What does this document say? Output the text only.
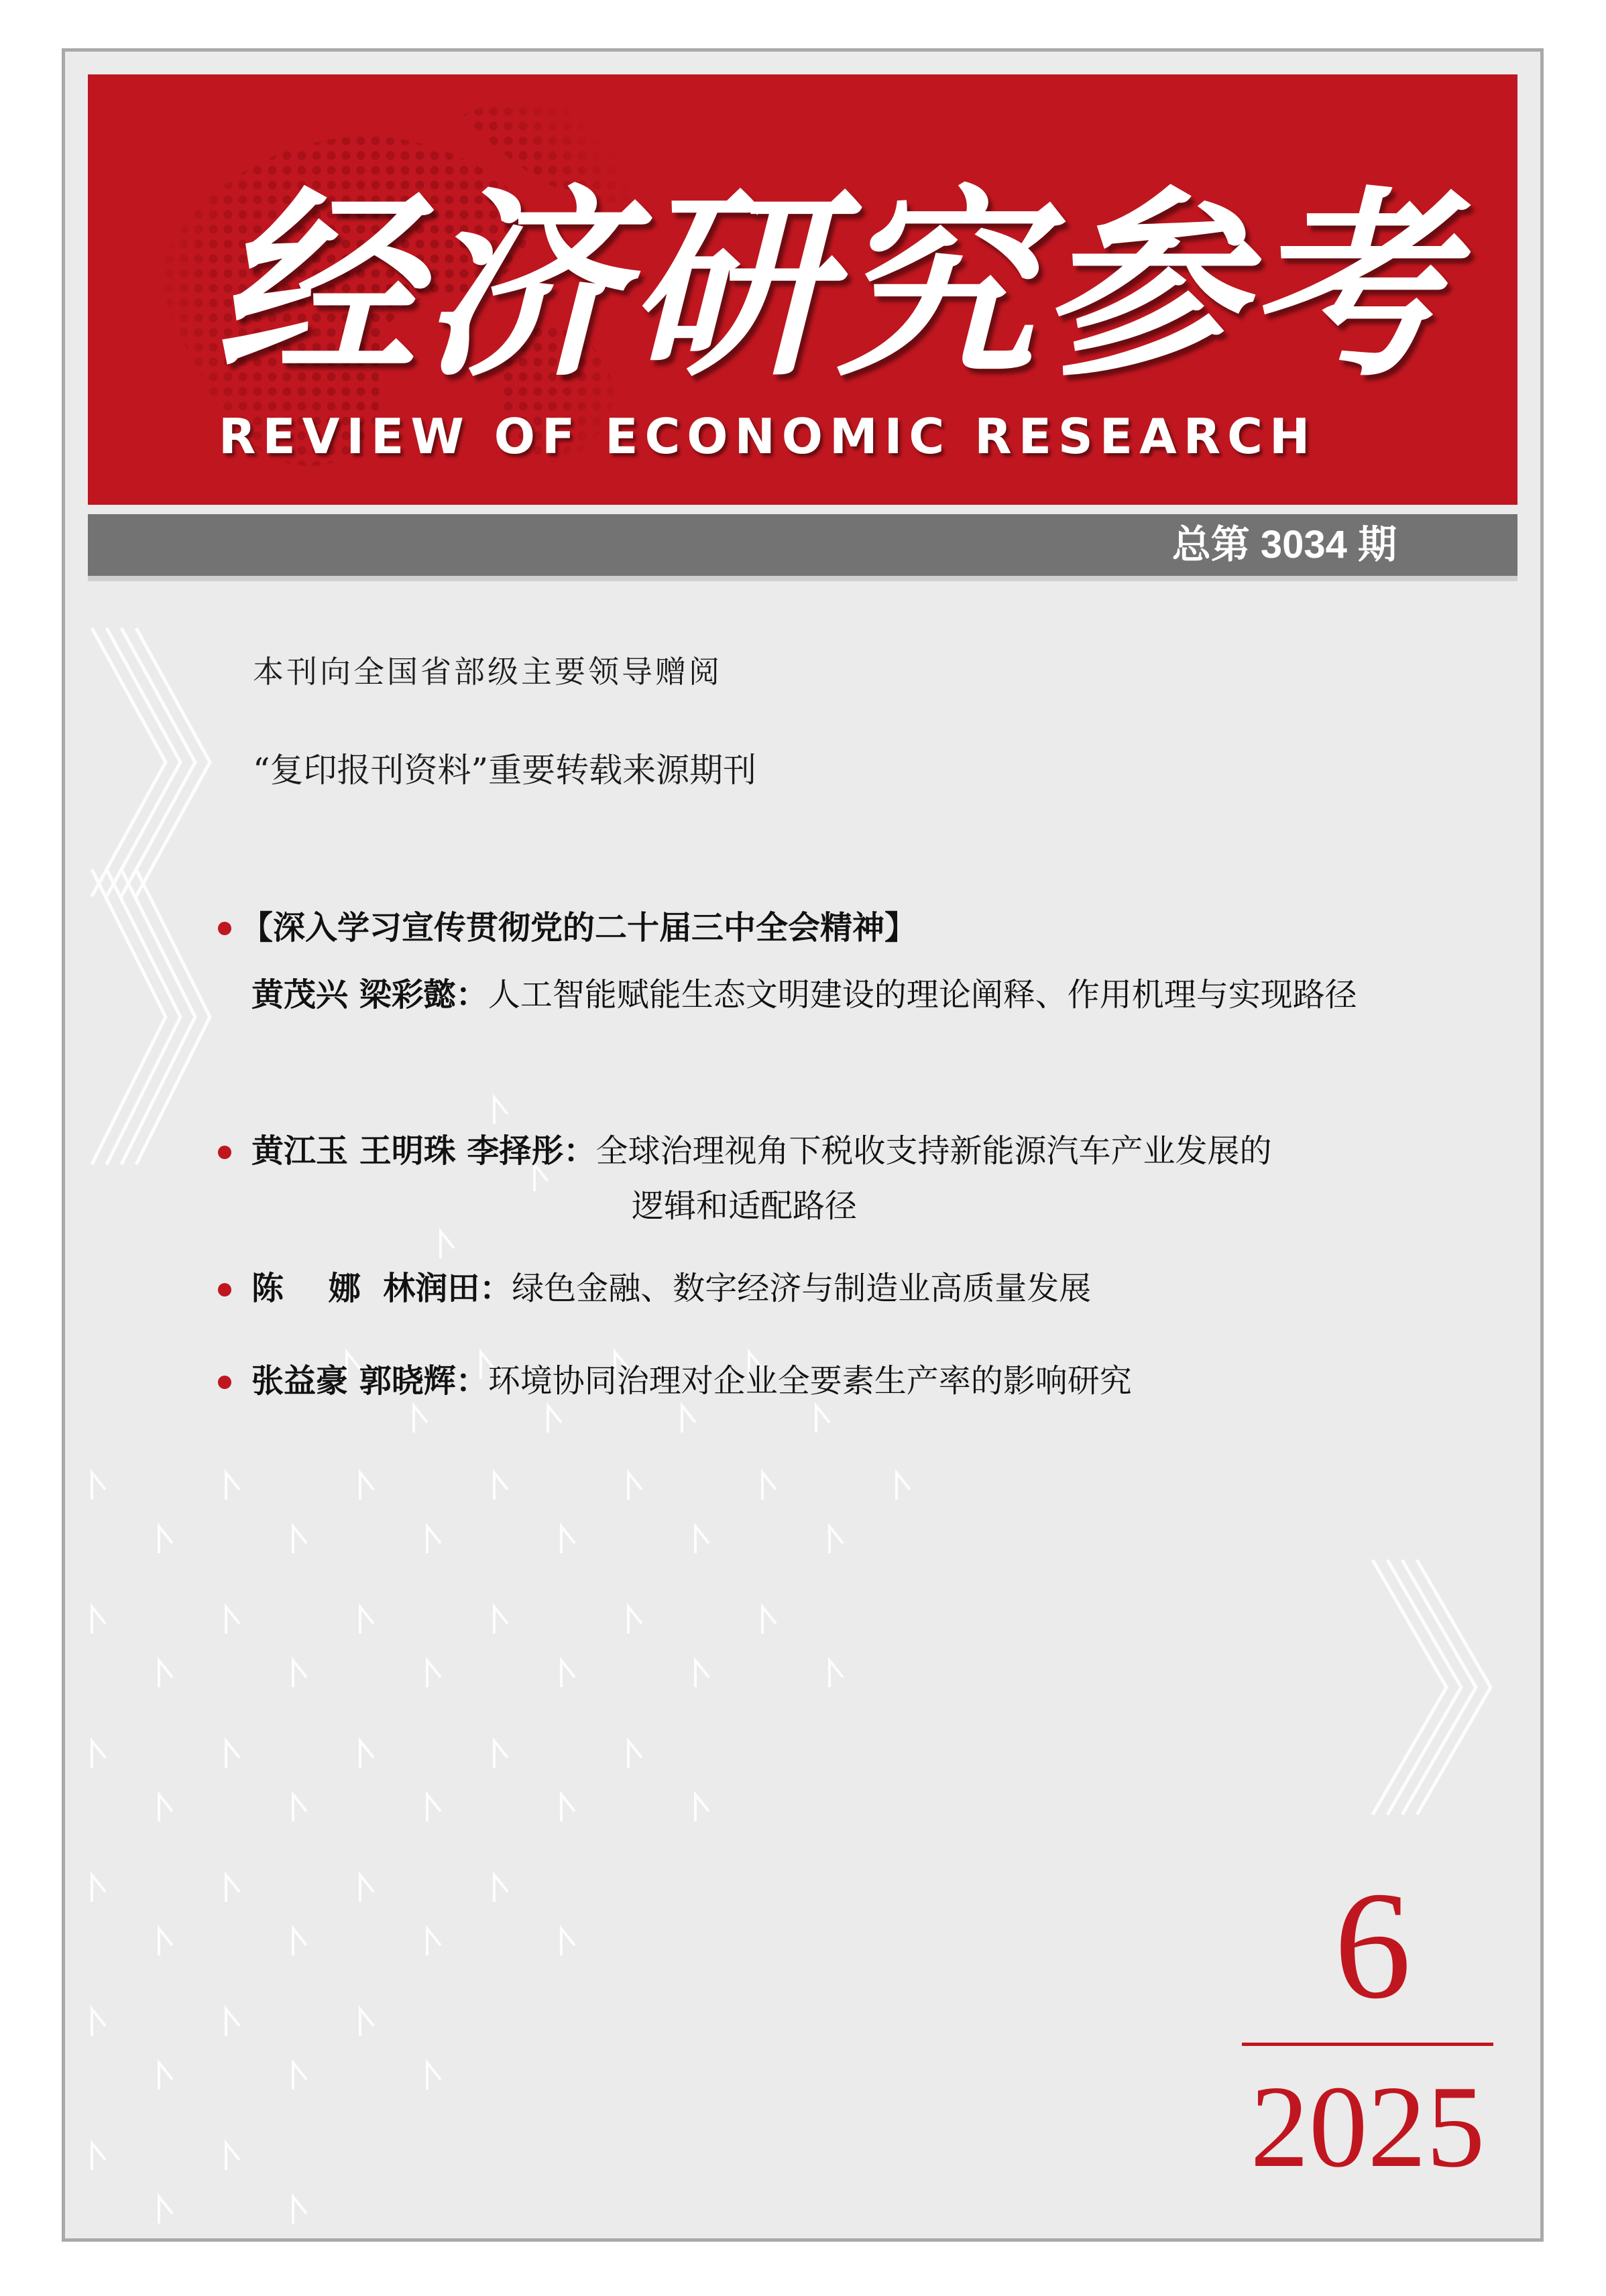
经济研究参考
REVIEW OF ECONOMIC RESEARCH
总第 3034 期
本刊向全国省部级主要领导赠阅
“复印报刊资料”重要转载来源期刊
【深入学习宣传贯彻党的二十届三中全会精神】
黄茂兴 梁彩懿：人工智能赋能生态文明建设的理论阐释、作用机理与实现路径
黄江玉 王明珠 李择彤：全球治理视角下税收支持新能源汽车产业发展的
逻辑和适配路径
陈    娜  林润田：绿色金融、数字经济与制造业高质量发展
张益豪 郭晓辉：环境协同治理对企业全要素生产率的影响研究
6
2025
